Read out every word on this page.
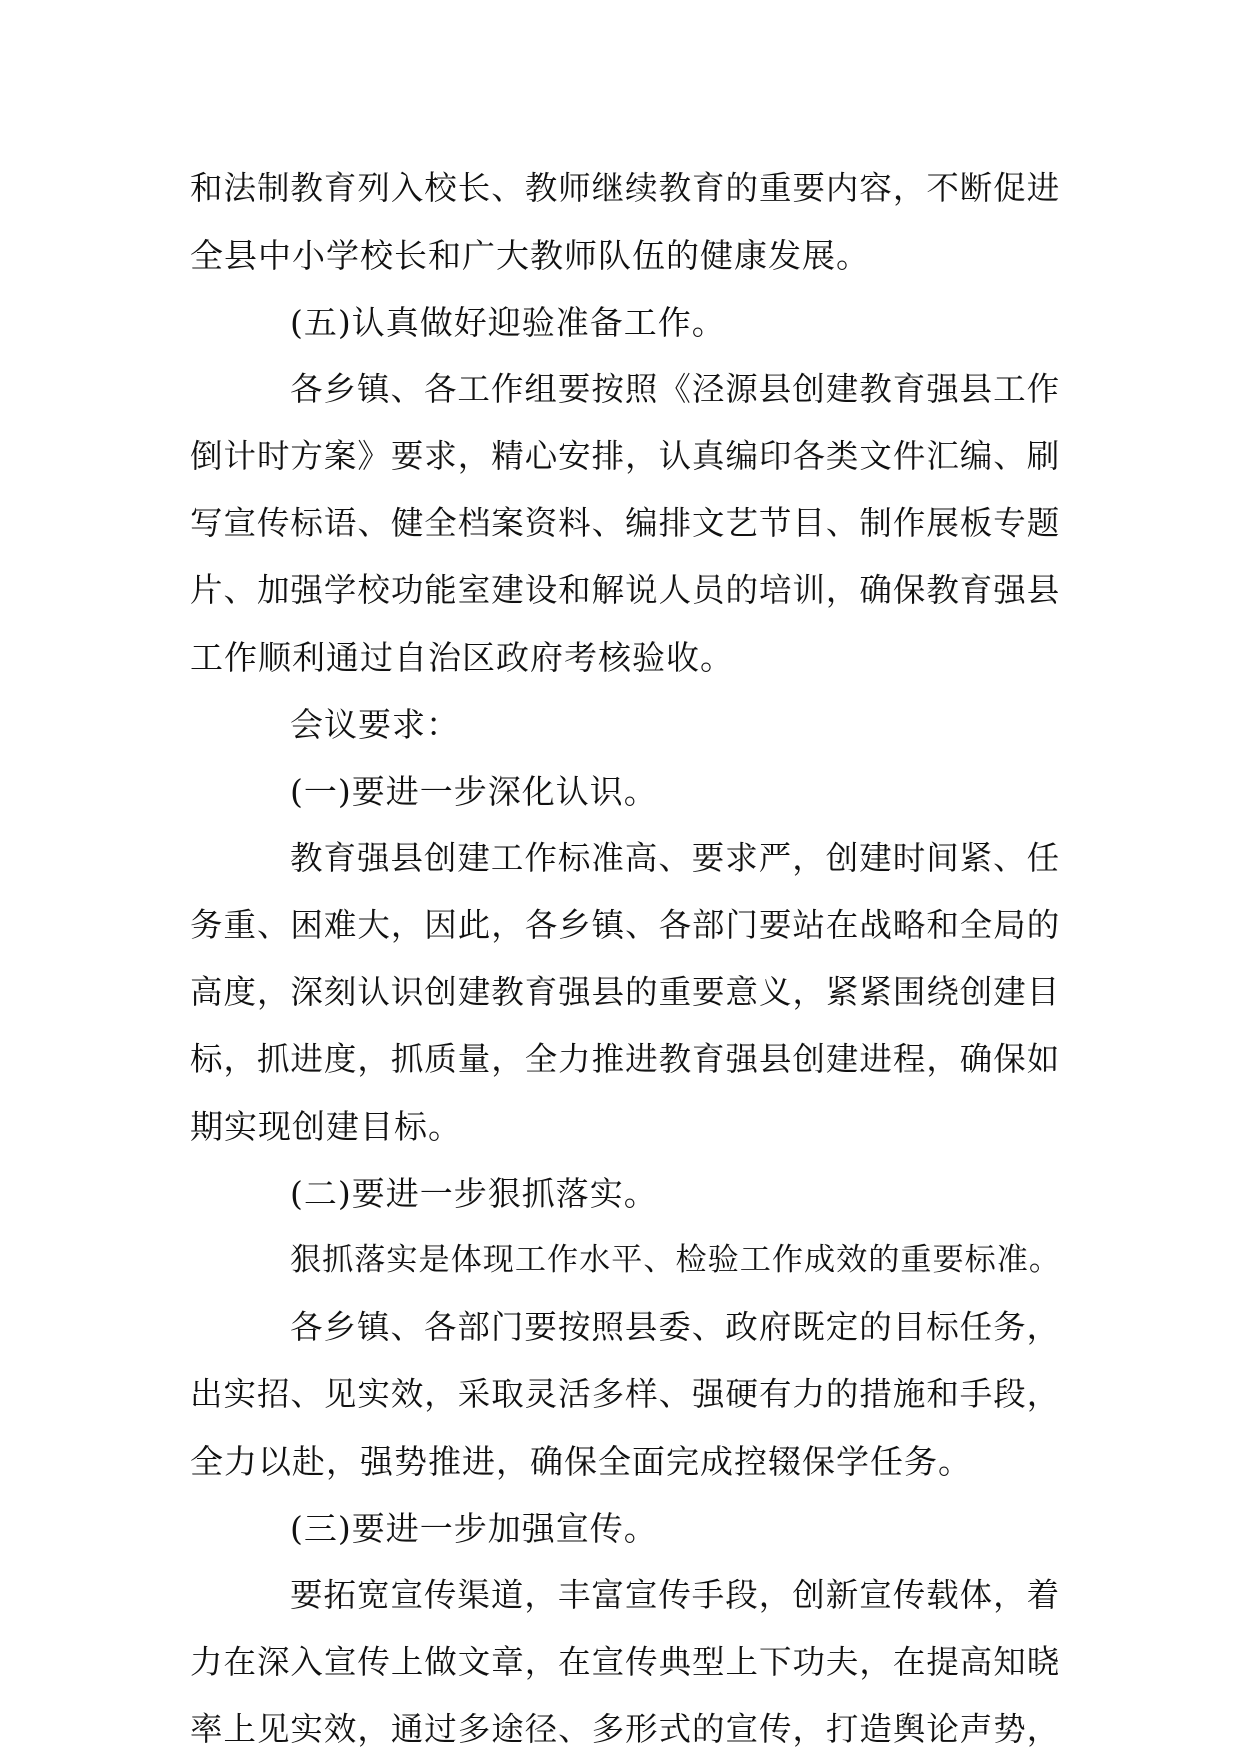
和法制教育列入校长、教师继续教育的重要内容，不断促进
全县中小学校长和广大教师队伍的健康发展。
(五)认真做好迎验准备工作。
各乡镇、各工作组要按照《泾源县创建教育强县工作
倒计时方案》要求，精心安排，认真编印各类文件汇编、刷
写宣传标语、健全档案资料、编排文艺节目、制作展板专题
片、加强学校功能室建设和解说人员的培训，确保教育强县
工作顺利通过自治区政府考核验收。
会议要求：
(一)要进一步深化认识。
教育强县创建工作标准高、要求严，创建时间紧、任
务重、困难大，因此，各乡镇、各部门要站在战略和全局的
高度，深刻认识创建教育强县的重要意义，紧紧围绕创建目
标，抓进度，抓质量，全力推进教育强县创建进程，确保如
期实现创建目标。
(二)要进一步狠抓落实。
狠抓落实是体现工作水平、检验工作成效的重要标准。
各乡镇、各部门要按照县委、政府既定的目标任务，
出实招、见实效，采取灵活多样、强硬有力的措施和手段，
全力以赴，强势推进，确保全面完成控辍保学任务。
(三)要进一步加强宣传。
要拓宽宣传渠道，丰富宣传手段，创新宣传载体，着
力在深入宣传上做文章，在宣传典型上下功夫，在提高知晓
率上见实效，通过多途径、多形式的宣传，打造舆论声势，
